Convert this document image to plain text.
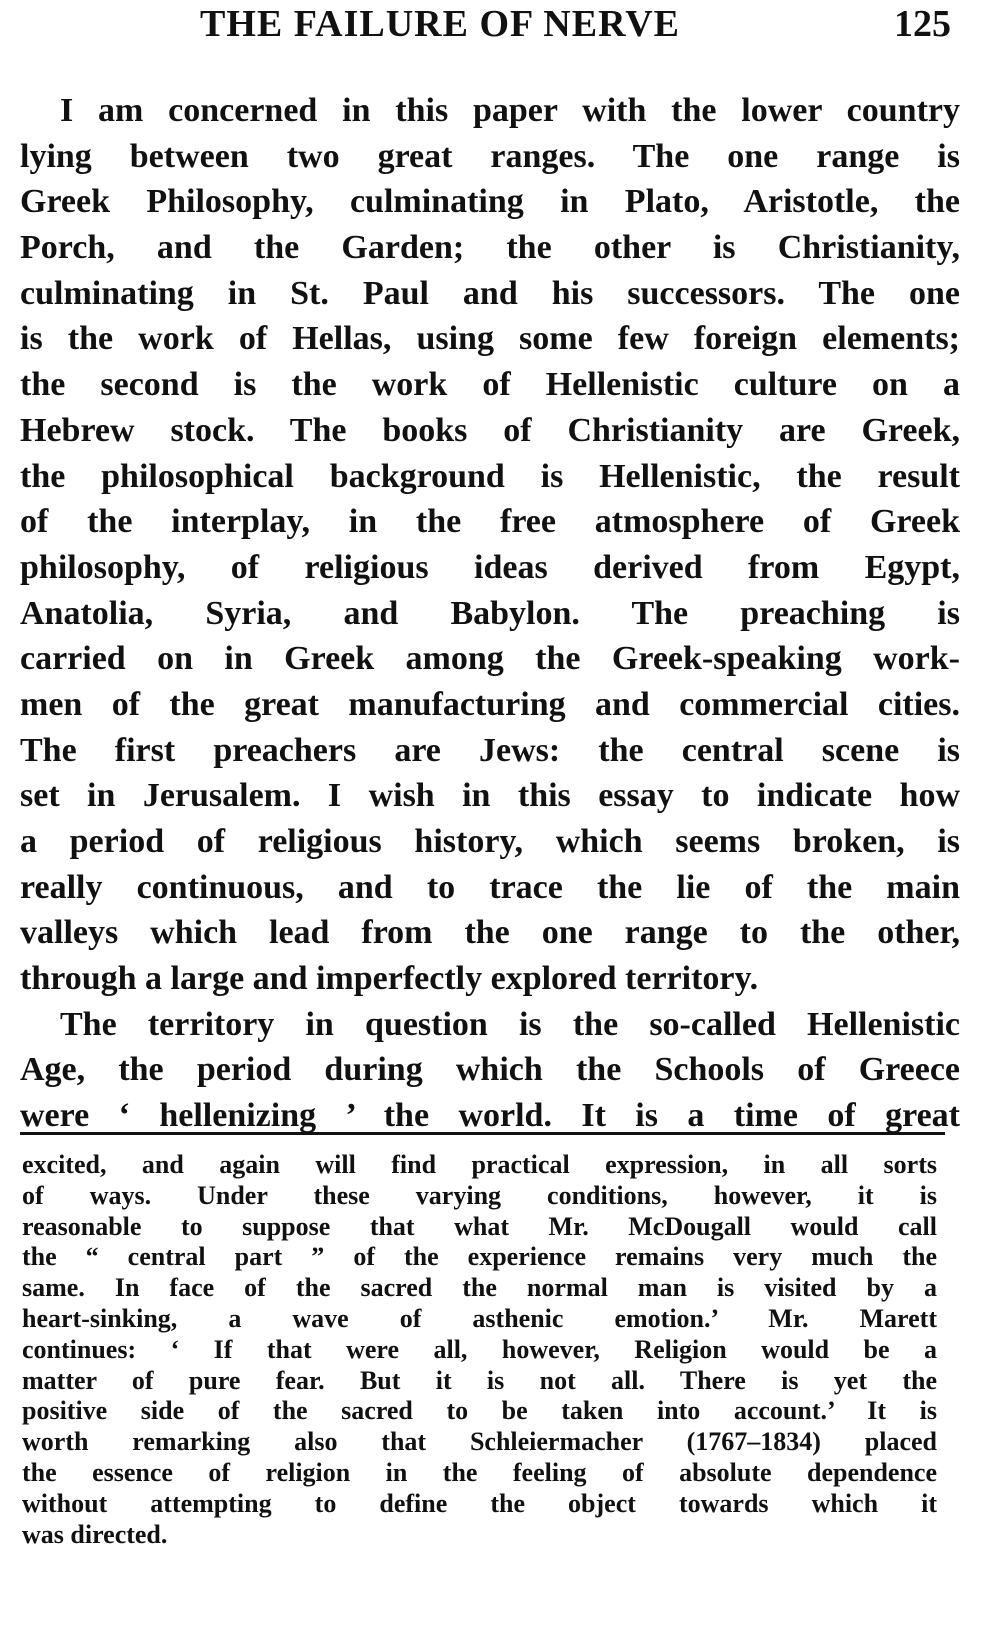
THE FAILURE OF NERVE	125
I am concerned in this paper with the lower country
lying between two great ranges. The one range is
Greek Philosophy, culminating in Plato, Aristotle, the
Porch, and the Garden; the other is Christianity,
culminating in St. Paul and his successors. The one
is the work of Hellas, using some few foreign elements;
the second is the work of Hellenistic culture on a
Hebrew stock. The books of Christianity are Greek,
the philosophical background is Hellenistic, the result
of the interplay, in the free atmosphere of Greek
philosophy, of religious ideas derived from Egypt,
Anatolia, Syria, and Babylon. The preaching is
carried on in Greek among the Greek-speaking work-
men of the great manufacturing and commercial cities.
The first preachers are Jews: the central scene is
set in Jerusalem. I wish in this essay to indicate how
a period of religious history, which seems broken, is
really continuous, and to trace the lie of the main
valleys which lead from the one range to the other,
through a large and imperfectly explored territory.
The territory in question is the so-called Hellenistic
Age, the period during which the Schools of Greece
were ‘ hellenizing ’ the world. It is a time of great
excited, and again will find practical expression, in all sorts
of ways. Under these varying conditions, however, it is
reasonable to suppose that what Mr. McDougall would call
the “ central part ” of the experience remains very much the
same. In face of the sacred the normal man is visited by a
heart-sinking, a wave of asthenic emotion.’ Mr. Marett
continues: ‘ If that were all, however, Religion would be a
matter of pure fear. But it is not all. There is yet the
positive side of the sacred to be taken into account.’ It is
worth remarking also that Schleiermacher (1767–1834) placed
the essence of religion in the feeling of absolute dependence
without attempting to define the object towards which it
was directed.
